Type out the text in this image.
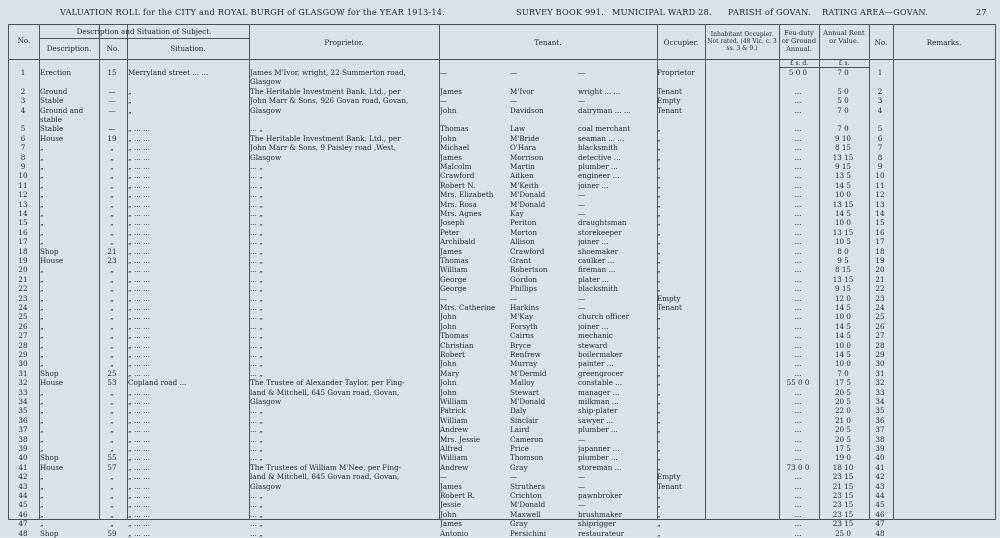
VALUATION ROLL for the CITY and ROYAL BURGH of GLASGOW for the YEAR 1913-14.	SURVEY BOOK 991. MUNICIPAL WARD 28. PARISH of GOVAN. RATING AREA—GOVAN.	27
No.
Description and Situation of Subject.
Description.	No.	Situation.
Proprietor.	Tenant.	Occupier.
Inhabitant Occupier. Not rated. (48 Vic. c. 3 ss. 3 & 9.)
Feu-duty or Ground Annual.
Annual Rent or Value.	No.	Remarks.
£ s. d.	£ s.
1	Erection	15	Merryland street ... ...	James M'Ivor, wright, 22 Summerton road,	—	—	—	Proprietor	5 0 0	7 0	1
Glasgow
2	Ground	—	„	The Heritable Investment Bank, Ltd., per	James	M'Ivor	wright ... ...	Tenant	...	5 0	2
3	Stable	—	„	John Marr & Sons, 926 Govan road, Govan,	—	—	—	Empty	...	5 0	3
4	Ground and	—	„	Glasgow	John	Davidson	dairyman ... ...	Tenant	...	7 0	4
stable
5	Stable	—	„ ... ...	... „	Thomas	Law	coal merchant	„	...	7 0	5
6	House	19	„ ... ...	The Heritable Investment Bank, Ltd., per	John	M'Bride	seaman ... ...	„	...	9 10	6
7	„	„	„ ... ...	John Marr & Sons, 9 Paisley road ,West,	Michael	O'Hara	blacksmith	„	...	8 15	7
8	„	„	„ ... ...	Glasgow	James	Morrison	detective ...	„	...	13 15	8
9	„	„	„ ... ...	... „	Malcolm	Martin	plumber ...	„	...	9 15	9
10	„	„	„ ... ...	... „	Crawford	Aitken	engineer ...	„	...	13 5	10
11	„	„	„ ... ...	... „	Robert N.	M'Keith	joiner ...	„	...	14 5	11
12	„	„	„ ... ...	... „	Mrs. Elizabeth	M'Donald	—	„	...	10 0	12
13	„	„	„ ... ...	... „	Mrs. Rosa	M'Donald	—	„	...	13 15	13
14	„	„	„ ... ...	... „	Mrs. Agnes	Kay	—	„	...	14 5	14
15	„	„	„ ... ...	... „	Joseph	Periton	draughtsman	„	...	10 0	15
16	„	„	„ ... ...	... „	Peter	Morton	storekeeper	„	...	13 15	16
17	„	„	„ ... ...	... „	Archibald	Allison	joiner ...	„	...	10 5	17
18	Shop	21	„ ... ...	... „	James	Crawford	shoemaker	„	...	8 0	18
19	House	23	„ ... ...	... „	Thomas	Grant	caulker ...	„	...	9 5	19
20	„	„	„ ... ...	... „	William	Robertson	fireman ...	„	...	8 15	20
21	„	„	„ ... ...	... „	George	Gordon	plater ...	„	...	13 15	21
22	„	„	„ ... ...	... „	George	Phillips	blacksmith	„	...	9 15	22
23	„	„	„ ... ...	... „	—	—	—	Empty	...	12 0	23
24	„	„	„ ... ...	... „	Mrs. Catherine	Harkins	—	Tenant	...	14 5	24
25	„	„	„ ... ...	... „	John	M'Kay	church officer	„	...	10 0	25
26	„	„	„ ... ...	... „	John	Forsyth	joiner ...	„	...	14 5	26
27	„	„	„ ... ...	... „	Thomas	Cairns	mechanic	„	...	14 5	27
28	„	„	„ ... ...	... „	Christian	Bryce	steward	„	...	10 0	28
29	„	„	„ ... ...	... „	Robert	Renfrew	boilermaker	„	...	14 5	29
30	„	„	„ ... ...	... „	John	Murray	painter ...	„	...	10 0	30
31	Shop	25	„ ... ...	... „	Mary	M'Dermid	greengrocer	„	...	7 0	31
32	House	53	Copland road ...	The Trustee of Alexander Taylor, per Fing-	John	Malloy	constable ...	„	55 0 0	17 5	32
33	„	„	„ ... ...	land & Mitchell, 645 Govan road, Govan,	John	Stewart	manager ...	„	...	20 5	33
34	„	„	„ ... ...	Glasgow	William	M'Donald	milkman ...	„	...	20 5	34
35	„	„	„ ... ...	... „	Patrick	Daly	ship-plater	„	...	22 0	35
36	„	„	„ ... ...	... „	William	Sinclair	sawyer ...	„	...	21 0	36
37	„	„	„ ... ...	... „	Andrew	Laird	plumber ...	„	...	20 5	37
38	„	„	„ ... ...	... „	Mrs. Jessie	Cameron	—	„	...	20 5	38
39	„	„	„ ... ...	... „	Alfred	Price	japanner ...	„	...	17 5	39
40	Shop	55	„ ... ...	... „	William	Thomson	plumber ...	„	...	19 0	40
41	House	57	„ ... ...	The Trustees of William M'Nee, per Fing-	Andrew	Gray	storeman ...	„	73 0 0	18 10	41
42	„	„	„ ... ...	land & Mitchell, 645 Govan road, Govan,	—	—	—	Empty	...	23 15	42
43	„	„	„ ... ...	Glasgow	James	Struthers	—	Tenant	...	21 15	43
44	„	„	„ ... ...	... „	Robert R.	Crichton	pawnbroker	„	...	23 15	44
45	„	„	„ ... ...	... „	Jessie	M'Donald	—	„	...	23 15	45
46	„	„	„ ... ...	... „	John	Maxwell	brushmaker	„	...	23 15	46
47	„	„	„ ... ...	... „	James	Gray	shiprigger	„	...	23 15	47
48	Shop	59	„ ... ...	... „	Antonio	Persichini	restaurateur	„	...	25 0	48
